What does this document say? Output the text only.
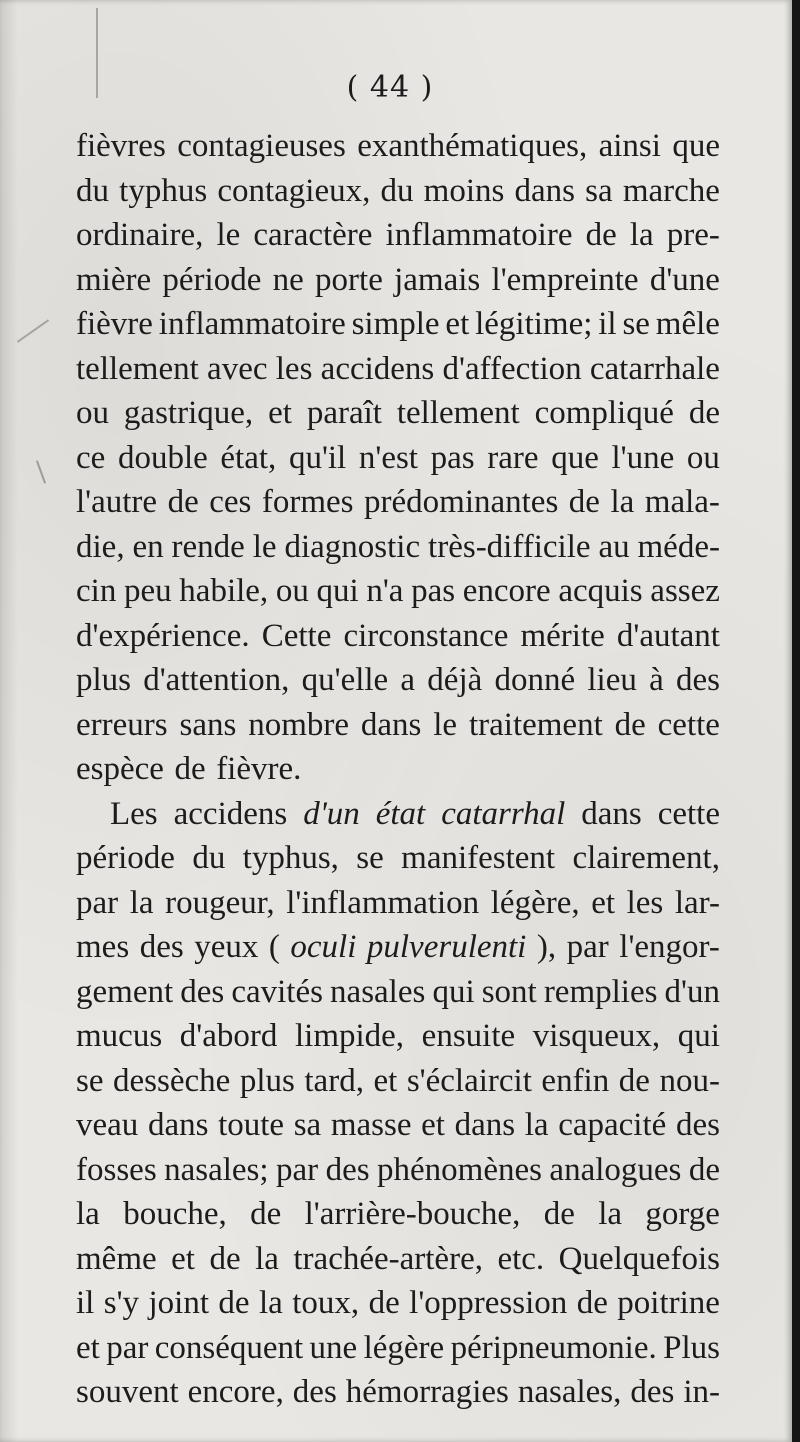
( 44 )
fièvres contagieuses exanthématiques, ainsi que
du typhus contagieux, du moins dans sa marche
ordinaire, le caractère inflammatoire de la pre-
mière période ne porte jamais l'empreinte d'une
fièvre inflammatoire simple et légitime; il se mêle
tellement avec les accidens d'affection catarrhale
ou gastrique, et paraît tellement compliqué de
ce double état, qu'il n'est pas rare que l'une ou
l'autre de ces formes prédominantes de la mala-
die, en rende le diagnostic très-difficile au méde-
cin peu habile, ou qui n'a pas encore acquis assez
d'expérience. Cette circonstance mérite d'autant
plus d'attention, qu'elle a déjà donné lieu à des
erreurs sans nombre dans le traitement de cette
espèce de fièvre.
Les accidens d'un état catarrhal dans cette
période du typhus, se manifestent clairement,
par la rougeur, l'inflammation légère, et les lar-
mes des yeux ( oculi pulverulenti ), par l'engor-
gement des cavités nasales qui sont remplies d'un
mucus d'abord limpide, ensuite visqueux, qui
se dessèche plus tard, et s'éclaircit enfin de nou-
veau dans toute sa masse et dans la capacité des
fosses nasales; par des phénomènes analogues de
la bouche, de l'arrière-bouche, de la gorge
même et de la trachée-artère, etc. Quelquefois
il s'y joint de la toux, de l'oppression de poitrine
et par conséquent une légère péripneumonie. Plus
souvent encore, des hémorragies nasales, des in-
